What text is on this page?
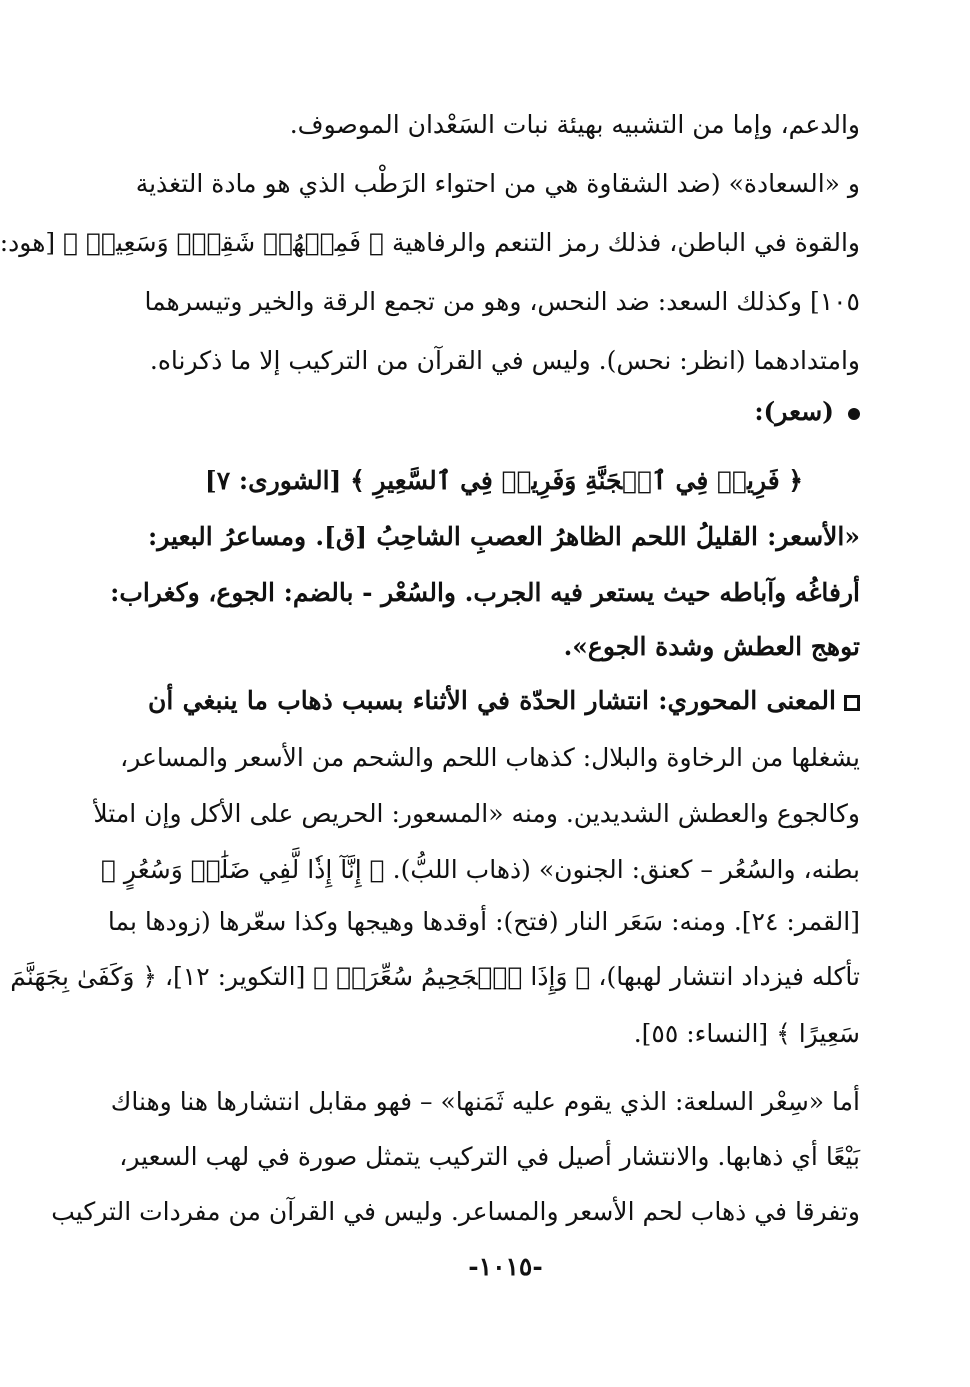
والدعم، وإما من التشبيه بهيئة نبات السَعْدان الموصوف.
و «السعادة» (ضد الشقاوة هي من احتواء الرَطْب الذي هو مادة التغذية
والقوة في الباطن، فذلك رمز التنعم والرفاهية ﴿ فَمِنۡهُمۡ شَقِيّٞ وَسَعِيدٞ ﴾ [هود:
١٠٥] وكذلك السعد: ضد النحس، وهو من تجمع الرقة والخير وتيسرهما
وامتدادهما (انظر: نحس). وليس في القرآن من التركيب إلا ما ذكرناه.
(سعر):
﴿ فَرِيقٞ فِي ٱلۡجَنَّةِ وَفَرِيقٞ فِي ٱلسَّعِيرِ ﴾ [الشورى: ٧]
«الأسعر: القليلُ اللحم الظاهرُ العصبِ الشاحِبُ [ق]. ومساعرُ البعير:
أرفاغُه وآباطه حيث يستعر فيه الجرب. والسُعْر - بالضم: الجوع، وكغراب:
توهج العطش وشدة الجوع».
المعنى المحوري: انتشار الحدّة في الأثناء بسبب ذهاب ما ينبغي أن
يشغلها من الرخاوة والبلال: كذهاب اللحم والشحم من الأسعر والمساعر،
وكالجوع والعطش الشديدين. ومنه «المسعور: الحريص على الأكل وإن امتلأ
بطنه، والسُعُر – كعنق: الجنون» (ذهاب اللبُّ). ﴿ إِنَّآ إِذٗا لَّفِي ضَلَٰلٖ وَسُعُرٍ ﴾
[القمر: ٢٤]. ومنه: سَعَر النار (فتح): أوقدها وهيجها وكذا سعّرها (زودها بما
تأكله فيزداد انتشار لهبها)، ﴿ وَإِذَا ٱلۡجَحِيمُ سُعِّرَتۡ ﴾ [التكوير: ١٢]، ﴿ وَكَفَىٰ بِجَهَنَّمَ
سَعِيرًا ﴾ [النساء: ٥٥].
أما «سِعْر السلعة: الذي يقوم عليه ثَمَنها» – فهو مقابل انتشارها هنا وهناك
بَيْعًا أي ذهابها. والانتشار أصيل في التركيب يتمثل صورة في لهب السعير،
وتفرقا في ذهاب لحم الأسعر والمساعر. وليس في القرآن من مفردات التركيب
-١٠١٥-
